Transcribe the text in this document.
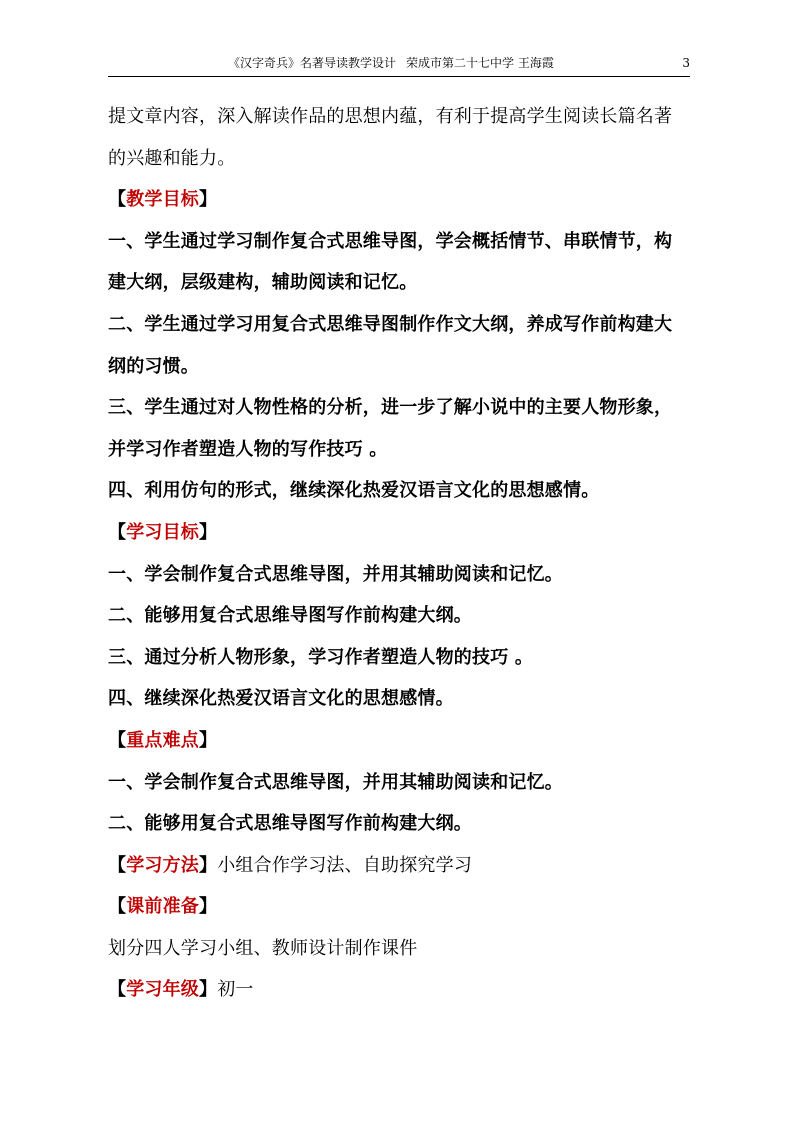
《汉字奇兵》名著导读教学设计 荣成市第二十七中学 王海霞	3
提文章内容，深入解读作品的思想内蕴，有利于提高学生阅读长篇名著
的兴趣和能力。
【教学目标】
一、学生通过学习制作复合式思维导图，学会概括情节、串联情节，构
建大纲，层级建构，辅助阅读和记忆。
二、学生通过学习用复合式思维导图制作作文大纲，养成写作前构建大
纲的习惯。
三、学生通过对人物性格的分析，进一步了解小说中的主要人物形象，
并学习作者塑造人物的写作技巧 。
四、利用仿句的形式，继续深化热爱汉语言文化的思想感情。
【学习目标】
一、学会制作复合式思维导图，并用其辅助阅读和记忆。
二、能够用复合式思维导图写作前构建大纲。
三、通过分析人物形象，学习作者塑造人物的技巧 。
四、继续深化热爱汉语言文化的思想感情。
【重点难点】
一、学会制作复合式思维导图，并用其辅助阅读和记忆。
二、能够用复合式思维导图写作前构建大纲。
【学习方法】小组合作学习法、自助探究学习
【课前准备】
划分四人学习小组、教师设计制作课件
【学习年级】初一
